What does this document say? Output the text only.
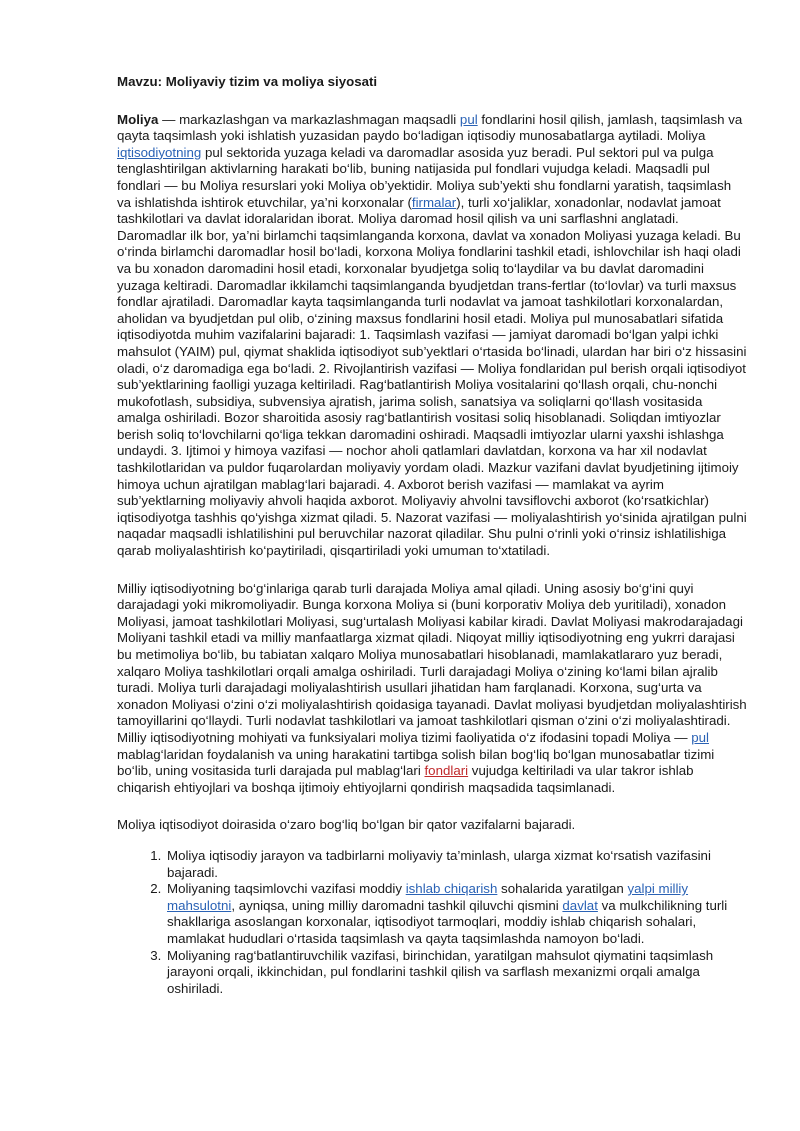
Mavzu: Moliyaviy tizim va moliya siyosati

Moliya — markazlashgan va markazlashmagan maqsadli pul fondlarini hosil qilish, jamlash, taqsimlash va qayta taqsimlash yoki ishlatish yuzasidan paydo bo‘ladigan iqtisodiy munosabatlarga aytiladi. Moliya iqtisodiyotning pul sektorida yuzaga keladi va daromadlar asosida yuz beradi. Pul sektori pul va pulga tenglashtirilgan aktivlarning harakati bo‘lib, buning natijasida pul fondlari vujudga keladi. Maqsadli pul fondlari — bu Moliya resurslari yoki Moliya ob’yektidir. Moliya sub’yekti shu fondlarni yaratish, taqsimlash va ishlatishda ishtirok etuvchilar, ya’ni korxonalar (firmalar), turli xo‘jaliklar, xonadonlar, nodavlat jamoat tashkilotlari va davlat idoralaridan iborat. Moliya daromad hosil qilish va uni sarflashni anglatadi. Daromadlar ilk bor, ya’ni birlamchi taqsimlanganda korxona, davlat va xonadon Moliyasi yuzaga keladi. Bu o‘rinda birlamchi daromadlar hosil bo‘ladi, korxona Moliya fondlarini tashkil etadi, ishlovchilar ish haqi oladi va bu xonadon daromadini hosil etadi, korxonalar byudjetga soliq to‘laydilar va bu davlat daromadini yuzaga keltiradi. Daromadlar ikkilamchi taqsimlanganda byudjetdan trans-fertlar (to‘lovlar) va turli maxsus fondlar ajratiladi. Daromadlar kayta taqsimlanganda turli nodavlat va jamoat tashkilotlari korxonalardan, aholidan va byudjetdan pul olib, o‘zining maxsus fondlarini hosil etadi. Moliya pul munosabatlari sifatida iqtisodiyotda muhim vazifalarini bajaradi: 1. Taqsimlash vazifasi — jamiyat daromadi bo‘lgan yalpi ichki mahsulot (YAIM) pul, qiymat shaklida iqtisodiyot sub’yektlari o‘rtasida bo‘linadi, ulardan har biri o‘z hissasini oladi, o‘z daromadiga ega bo‘ladi. 2. Rivojlantirish vazifasi — Moliya fondlaridan pul berish orqali iqtisodiyot sub’yektlarining faolligi yuzaga keltiriladi. Rag‘batlantirish Moliya vositalarini qo‘llash orqali, chu-nonchi mukofotlash, subsidiya, subvensiya ajratish, jarima solish, sanatsiya va soliqlarni qo‘llash vositasida amalga oshiriladi. Bozor sharoitida asosiy rag‘batlantirish vositasi soliq hisoblanadi. Soliqdan imtiyozlar berish soliq to‘lovchilarni qo‘liga tekkan daromadini oshiradi. Maqsadli imtiyozlar ularni yaxshi ishlashga undaydi. 3. Ijtimoi y himoya vazifasi — nochor aholi qatlamlari davlatdan, korxona va har xil nodavlat tashkilotlaridan va puldor fuqarolardan moliyaviy yordam oladi. Mazkur vazifani davlat byudjetining ijtimoiy himoya uchun ajratilgan mablag‘lari bajaradi. 4. Axborot berish vazifasi — mamlakat va ayrim sub’yektlarning moliyaviy ahvoli haqida axborot. Moliyaviy ahvolni tavsiflovchi axborot (ko‘rsatkichlar) iqtisodiyotga tashhis qo‘yishga xizmat qiladi. 5. Nazorat vazifasi — moliyalashtirish yo‘sinida ajratilgan pulni naqadar maqsadli ishlatilishini pul beruvchilar nazorat qiladilar. Shu pulni o‘rinli yoki o‘rinsiz ishlatilishiga qarab moliyalashtirish ko‘paytiriladi, qisqartiriladi yoki umuman to‘xtatiladi.

Milliy iqtisodiyotning bo‘g‘inlariga qarab turli darajada Moliya amal qiladi. Uning asosiy bo‘g‘ini quyi darajadagi yoki mikromoliyadir. Bunga korxona Moliya si (buni korporativ Moliya deb yuritiladi), xonadon Moliyasi, jamoat tashkilotlari Moliyasi, sug‘urtalash Moliyasi kabilar kiradi. Davlat Moliyasi makrodarajadagi Moliyani tashkil etadi va milliy manfaatlarga xizmat qiladi. Niqoyat milliy iqtisodiyotning eng yukrri darajasi bu metimoliya bo‘lib, bu tabiatan xalqaro Moliya munosabatlari hisoblanadi, mamlakatlararo yuz beradi, xalqaro Moliya tashkilotlari orqali amalga oshiriladi. Turli darajadagi Moliya o‘zining ko‘lami bilan ajralib turadi. Moliya turli darajadagi moliyalashtirish usullari jihatidan ham farqlanadi. Korxona, sug‘urta va xonadon Moliyasi o‘zini o‘zi moliyalashtirish qoidasiga tayanadi. Davlat moliyasi byudjetdan moliyalashtirish tamoyillarini qo‘llaydi. Turli nodavlat tashkilotlari va jamoat tashkilotlari qisman o‘zini o‘zi moliyalashtiradi. Milliy iqtisodiyotning mohiyati va funksiyalari moliya tizimi faoliyatida o‘z ifodasini topadi Moliya — pul mablag‘laridan foydalanish va uning harakatini tartibga solish bilan bog‘liq bo‘lgan munosabatlar tizimi bo‘lib, uning vositasida turli darajada pul mablag‘lari fondlari vujudga keltiriladi va ular takror ishlab chiqarish ehtiyojlari va boshqa ijtimoiy ehtiyojlarni qondirish maqsadida taqsimlanadi.

Moliya iqtisodiyot doirasida o‘zaro bog‘liq bo‘lgan bir qator vazifalarni bajaradi.

1. Moliya iqtisodiy jarayon va tadbirlarni moliyaviy ta’minlash, ularga xizmat ko‘rsatish vazifasini bajaradi.
2. Moliyaning taqsimlovchi vazifasi moddiy ishlab chiqarish sohalarida yaratilgan yalpi milliy mahsulotni, ayniqsa, uning milliy daromadni tashkil qiluvchi qismini davlat va mulkchilikning turli shakllariga asoslangan korxonalar, iqtisodiyot tarmoqlari, moddiy ishlab chiqarish sohalari, mamlakat hududlari o‘rtasida taqsimlash va qayta taqsimlashda namoyon bo‘ladi.
3. Moliyaning rag‘batlantiruvchilik vazifasi, birinchidan, yaratilgan mahsulot qiymatini taqsimlash jarayoni orqali, ikkinchidan, pul fondlarini tashkil qilish va sarflash mexanizmi orqali amalga oshiriladi.
